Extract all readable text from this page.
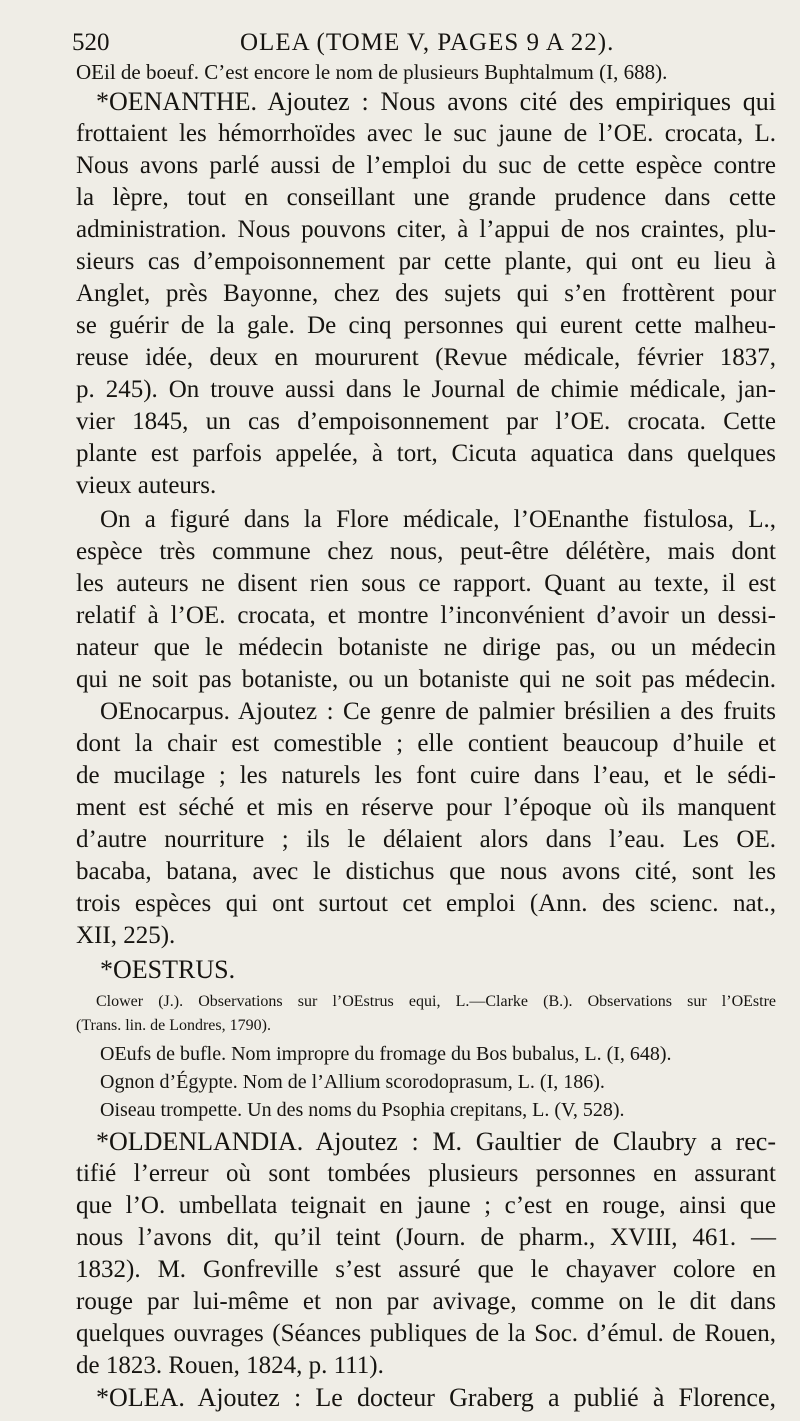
520	OLEA (TOME V, PAGES 9 A 22).
OEil de boeuf. C’est encore le nom de plusieurs Buphtalmum (I, 688).
*OENANTHE. Ajoutez : Nous avons cité des empiriques qui
frottaient les hémorrhoïdes avec le suc jaune de l’OE. crocata, L.
Nous avons parlé aussi de l’emploi du suc de cette espèce contre
la lèpre, tout en conseillant une grande prudence dans cette
administration. Nous pouvons citer, à l’appui de nos craintes, plu-
sieurs cas d’empoisonnement par cette plante, qui ont eu lieu à
Anglet, près Bayonne, chez des sujets qui s’en frottèrent pour
se guérir de la gale. De cinq personnes qui eurent cette malheu-
reuse idée, deux en moururent (Revue médicale, février 1837,
p. 245). On trouve aussi dans le Journal de chimie médicale, jan-
vier 1845, un cas d’empoisonnement par l’OE. crocata. Cette
plante est parfois appelée, à tort, Cicuta aquatica dans quelques
vieux auteurs.
On a figuré dans la Flore médicale, l’OEnanthe fistulosa, L.,
espèce très commune chez nous, peut-être délétère, mais dont
les auteurs ne disent rien sous ce rapport. Quant au texte, il est
relatif à l’OE. crocata, et montre l’inconvénient d’avoir un dessi-
nateur que le médecin botaniste ne dirige pas, ou un médecin
qui ne soit pas botaniste, ou un botaniste qui ne soit pas médecin.
OEnocarpus. Ajoutez : Ce genre de palmier brésilien a des fruits
dont la chair est comestible ; elle contient beaucoup d’huile et
de mucilage ; les naturels les font cuire dans l’eau, et le sédi-
ment est séché et mis en réserve pour l’époque où ils manquent
d’autre nourriture ; ils le délaient alors dans l’eau. Les OE.
bacaba, batana, avec le distichus que nous avons cité, sont les
trois espèces qui ont surtout cet emploi (Ann. des scienc. nat.,
XII, 225).
*OESTRUS.
Clower (J.). Observations sur l’OEstrus equi, L.—Clarke (B.). Observations sur l’OEstre
(Trans. lin. de Londres, 1790).
OEufs de bufle. Nom impropre du fromage du Bos bubalus, L. (I, 648).
Ognon d’Égypte. Nom de l’Allium scorodoprasum, L. (I, 186).
Oiseau trompette. Un des noms du Psophia crepitans, L. (V, 528).
*OLDENLANDIA. Ajoutez : M. Gaultier de Claubry a rec-
tifié l’erreur où sont tombées plusieurs personnes en assurant
que l’O. umbellata teignait en jaune ; c’est en rouge, ainsi que
nous l’avons dit, qu’il teint (Journ. de pharm., XVIII, 461. —
1832). M. Gonfreville s’est assuré que le chayaver colore en
rouge par lui-même et non par avivage, comme on le dit dans
quelques ouvrages (Séances publiques de la Soc. d’émul. de Rouen,
de 1823. Rouen, 1824, p. 111).
*OLEA. Ajoutez : Le docteur Graberg a publié à Florence,
